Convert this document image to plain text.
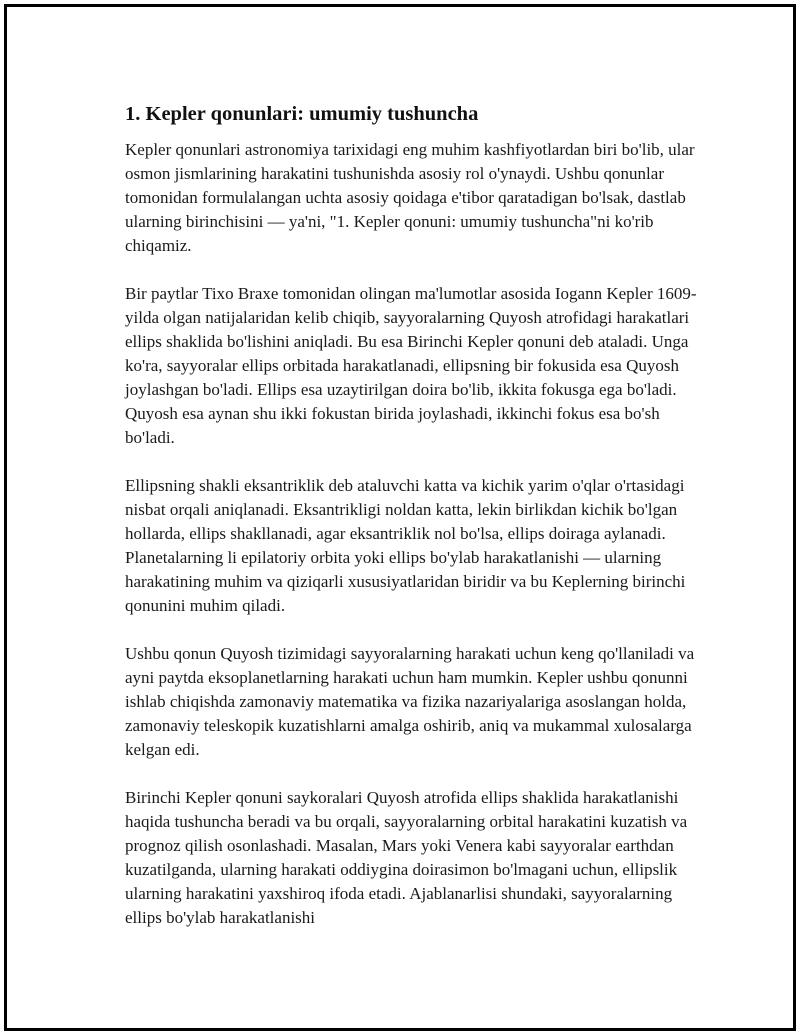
1. Kepler qonunlari: umumiy tushuncha

Kepler qonunlari astronomiya tarixidagi eng muhim kashfiyotlardan biri bo'lib, ular osmon jismlarining harakatini tushunishda asosiy rol o'ynaydi. Ushbu qonunlar tomonidan formulalangan uchta asosiy qoidaga e'tibor qaratadigan bo'lsak, dastlab ularning birinchisini — ya'ni, "1. Kepler qonuni: umumiy tushuncha"ni ko'rib chiqamiz.

Bir paytlar Tixo Braxe tomonidan olingan ma'lumotlar asosida Iogann Kepler 1609-yilda olgan natijalaridan kelib chiqib, sayyoralarning Quyosh atrofidagi harakatlari ellips shaklida bo'lishini aniqladi. Bu esa Birinchi Kepler qonuni deb ataladi. Unga ko'ra, sayyoralar ellips orbitada harakatlanadi, ellipsning bir fokusida esa Quyosh joylashgan bo'ladi. Ellips esa uzaytirilgan doira bo'lib, ikkita fokusga ega bo'ladi. Quyosh esa aynan shu ikki fokustan birida joylashadi, ikkinchi fokus esa bo'sh bo'ladi.

Ellipsning shakli eksantriklik deb ataluvchi katta va kichik yarim o'qlar o'rtasidagi nisbat orqali aniqlanadi. Eksantrikligi noldan katta, lekin birlikdan kichik bo'lgan hollarda, ellips shakllanadi, agar eksantriklik nol bo'lsa, ellips doiraga aylanadi. Planetalarning li epilatoriy orbita yoki ellips bo'ylab harakatlanishi — ularning harakatining muhim va qiziqarli xususiyatlaridan biridir va bu Keplerning birinchi qonunini muhim qiladi.

Ushbu qonun Quyosh tizimidagi sayyoralarning harakati uchun keng qo'llaniladi va ayni paytda eksoplanetlarning harakati uchun ham mumkin. Kepler ushbu qonunni ishlab chiqishda zamonaviy matematika va fizika nazariyalariga asoslangan holda, zamonaviy teleskopik kuzatishlarni amalga oshirib, aniq va mukammal xulosalarga kelgan edi.

Birinchi Kepler qonuni saykoralari Quyosh atrofida ellips shaklida harakatlanishi haqida tushuncha beradi va bu orqali, sayyoralarning orbital harakatini kuzatish va prognoz qilish osonlashadi. Masalan, Mars yoki Venera kabi sayyoralar earthdan kuzatilganda, ularning harakati oddiygina doirasimon bo'lmagani uchun, ellipslik ularning harakatini yaxshiroq ifoda etadi. Ajablanarlisi shundaki, sayyoralarning ellips bo'ylab harakatlanishi
